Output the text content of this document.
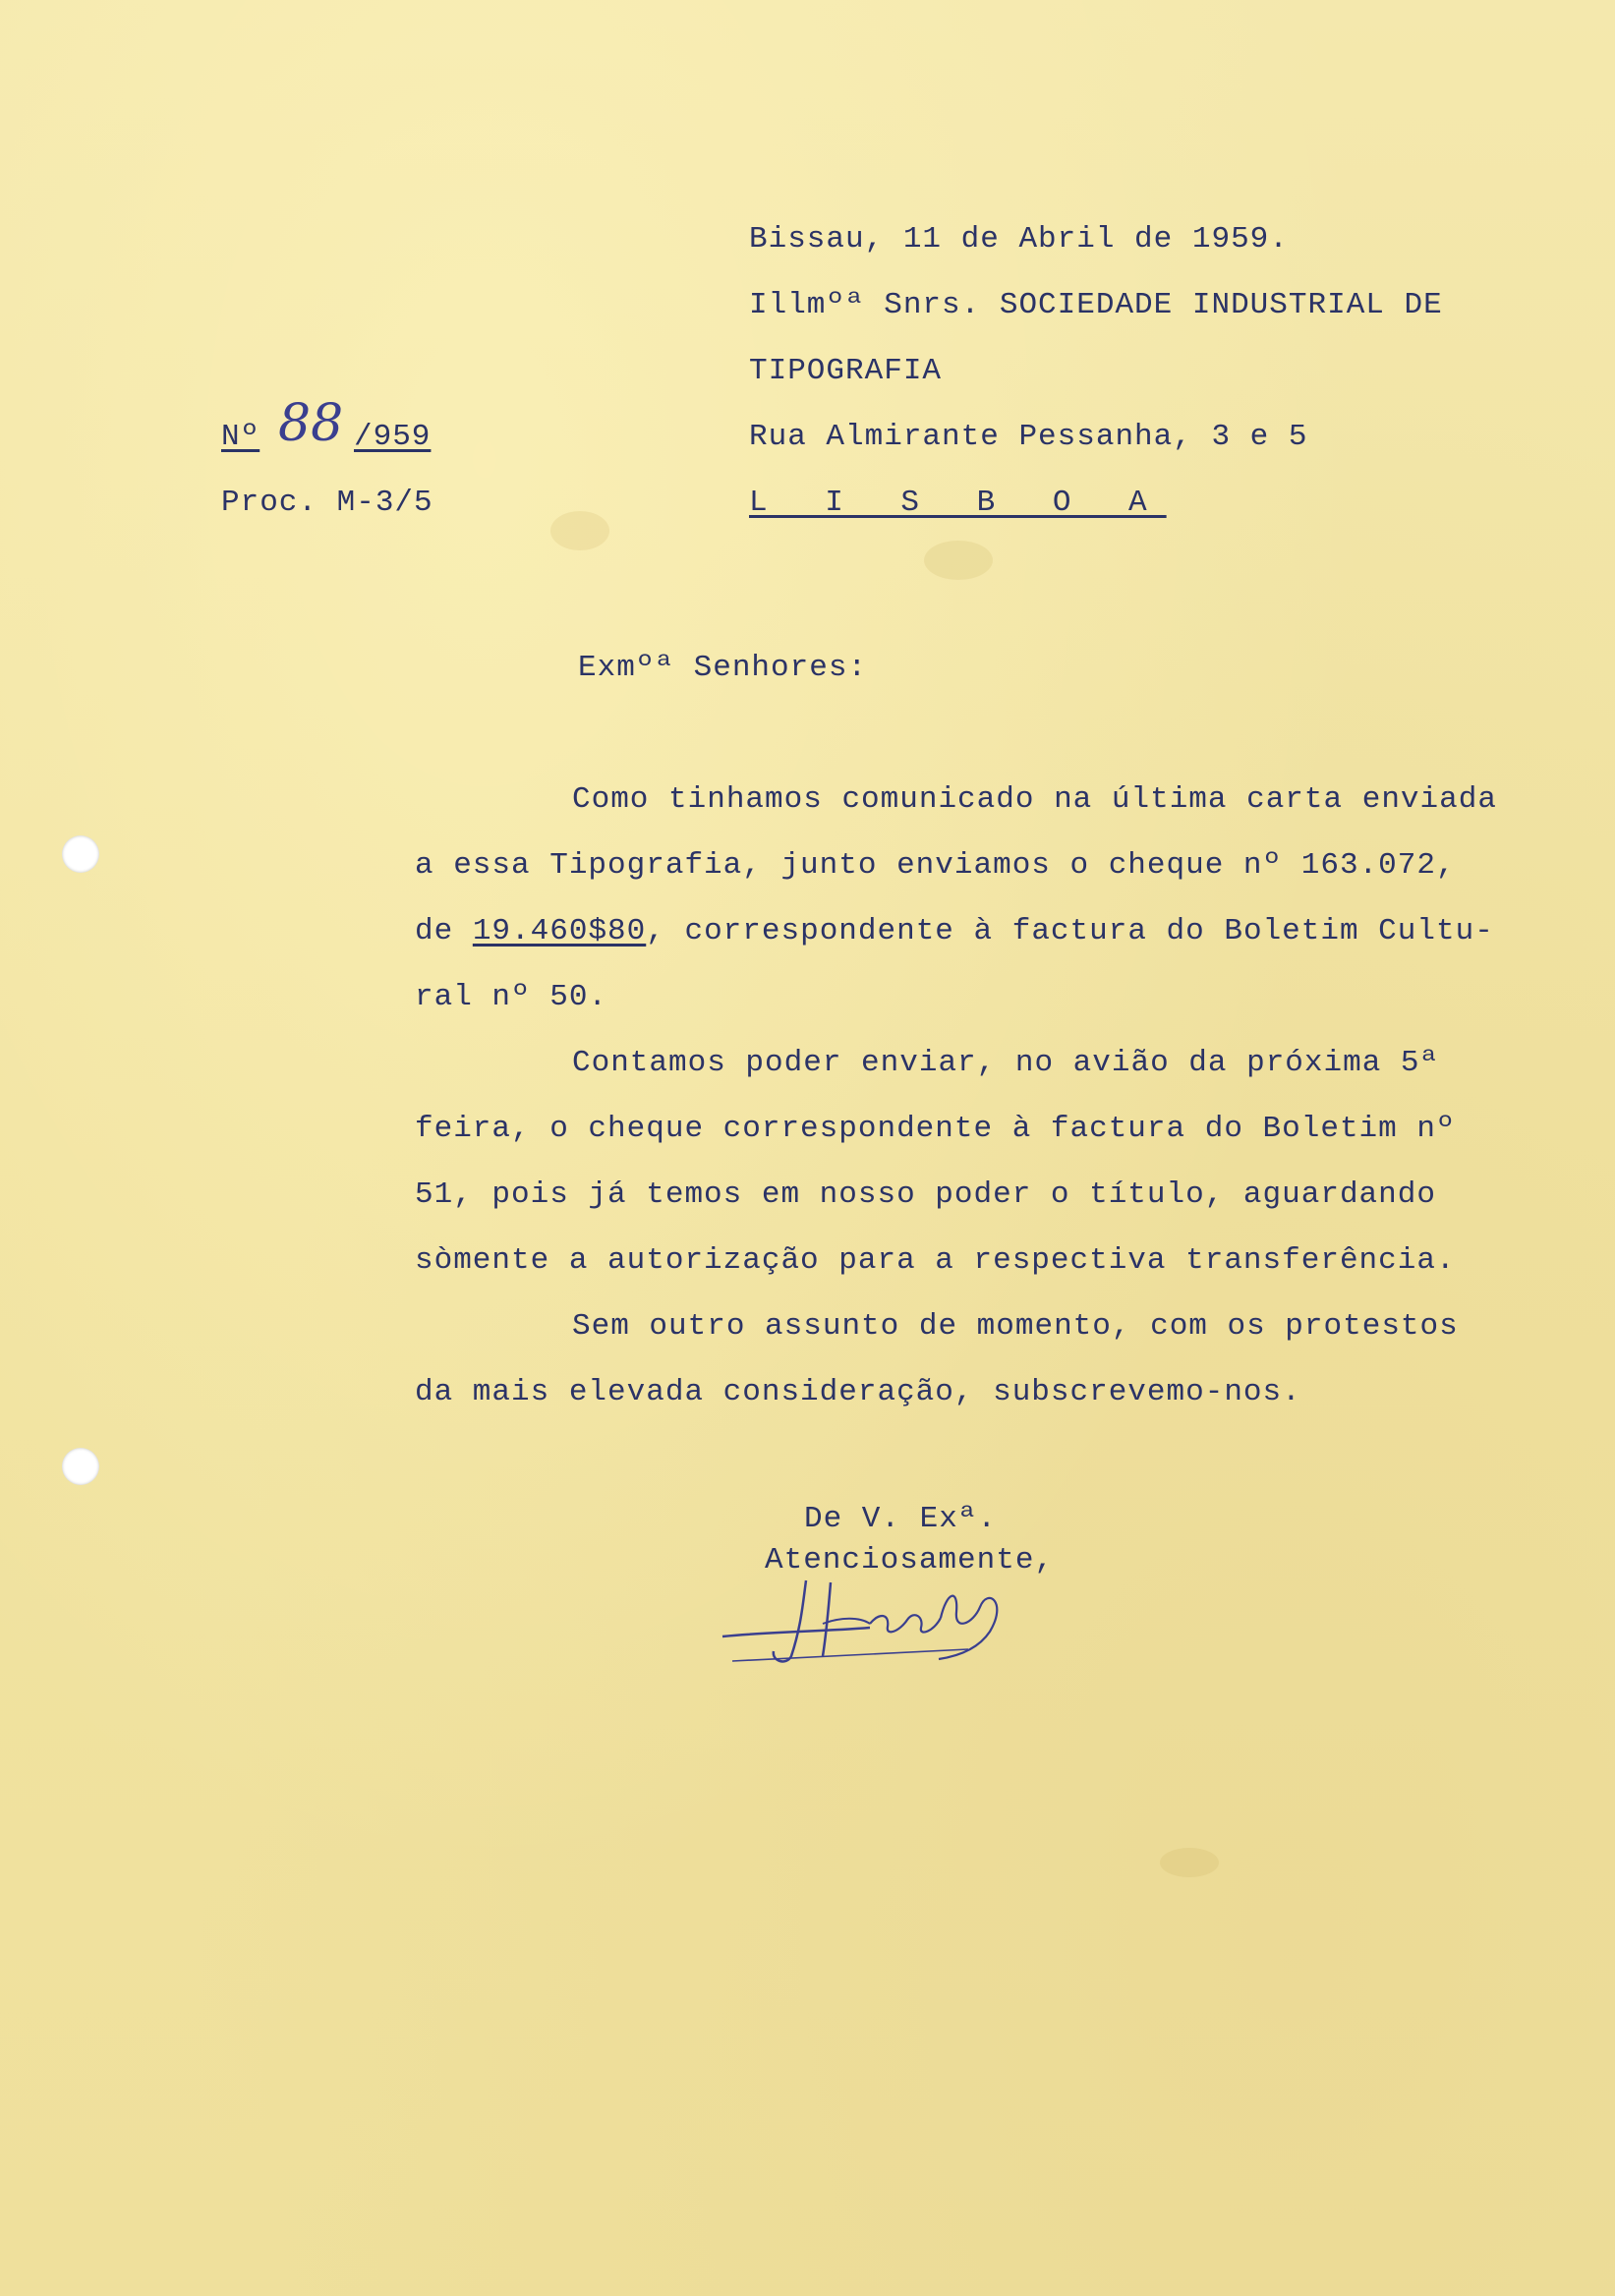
Bissau, 11 de Abril de 1959.
Illmºª Snrs. SOCIEDADE INDUSTRIAL DE
TIPOGRAFIA
Rua Almirante Pessanha, 3 e 5
L I S B O A
Nº 88 /959
Proc. M-3/5
Exmºª Senhores:
Como tinhamos comunicado na última carta enviada
a essa Tipografia, junto enviamos o cheque nº 163.072,
de 19.460$80, correspondente à factura do Boletim Cultu-
ral nº 50.
Contamos poder enviar, no avião da próxima 5ª
feira, o cheque correspondente à factura do Boletim nº
51, pois já temos em nosso poder o título, aguardando
sòmente a autorização para a respectiva transferência.
Sem outro assunto de momento, com os protestos
da mais elevada consideração, subscrevemo-nos.
De V. Exª.
Atenciosamente,
